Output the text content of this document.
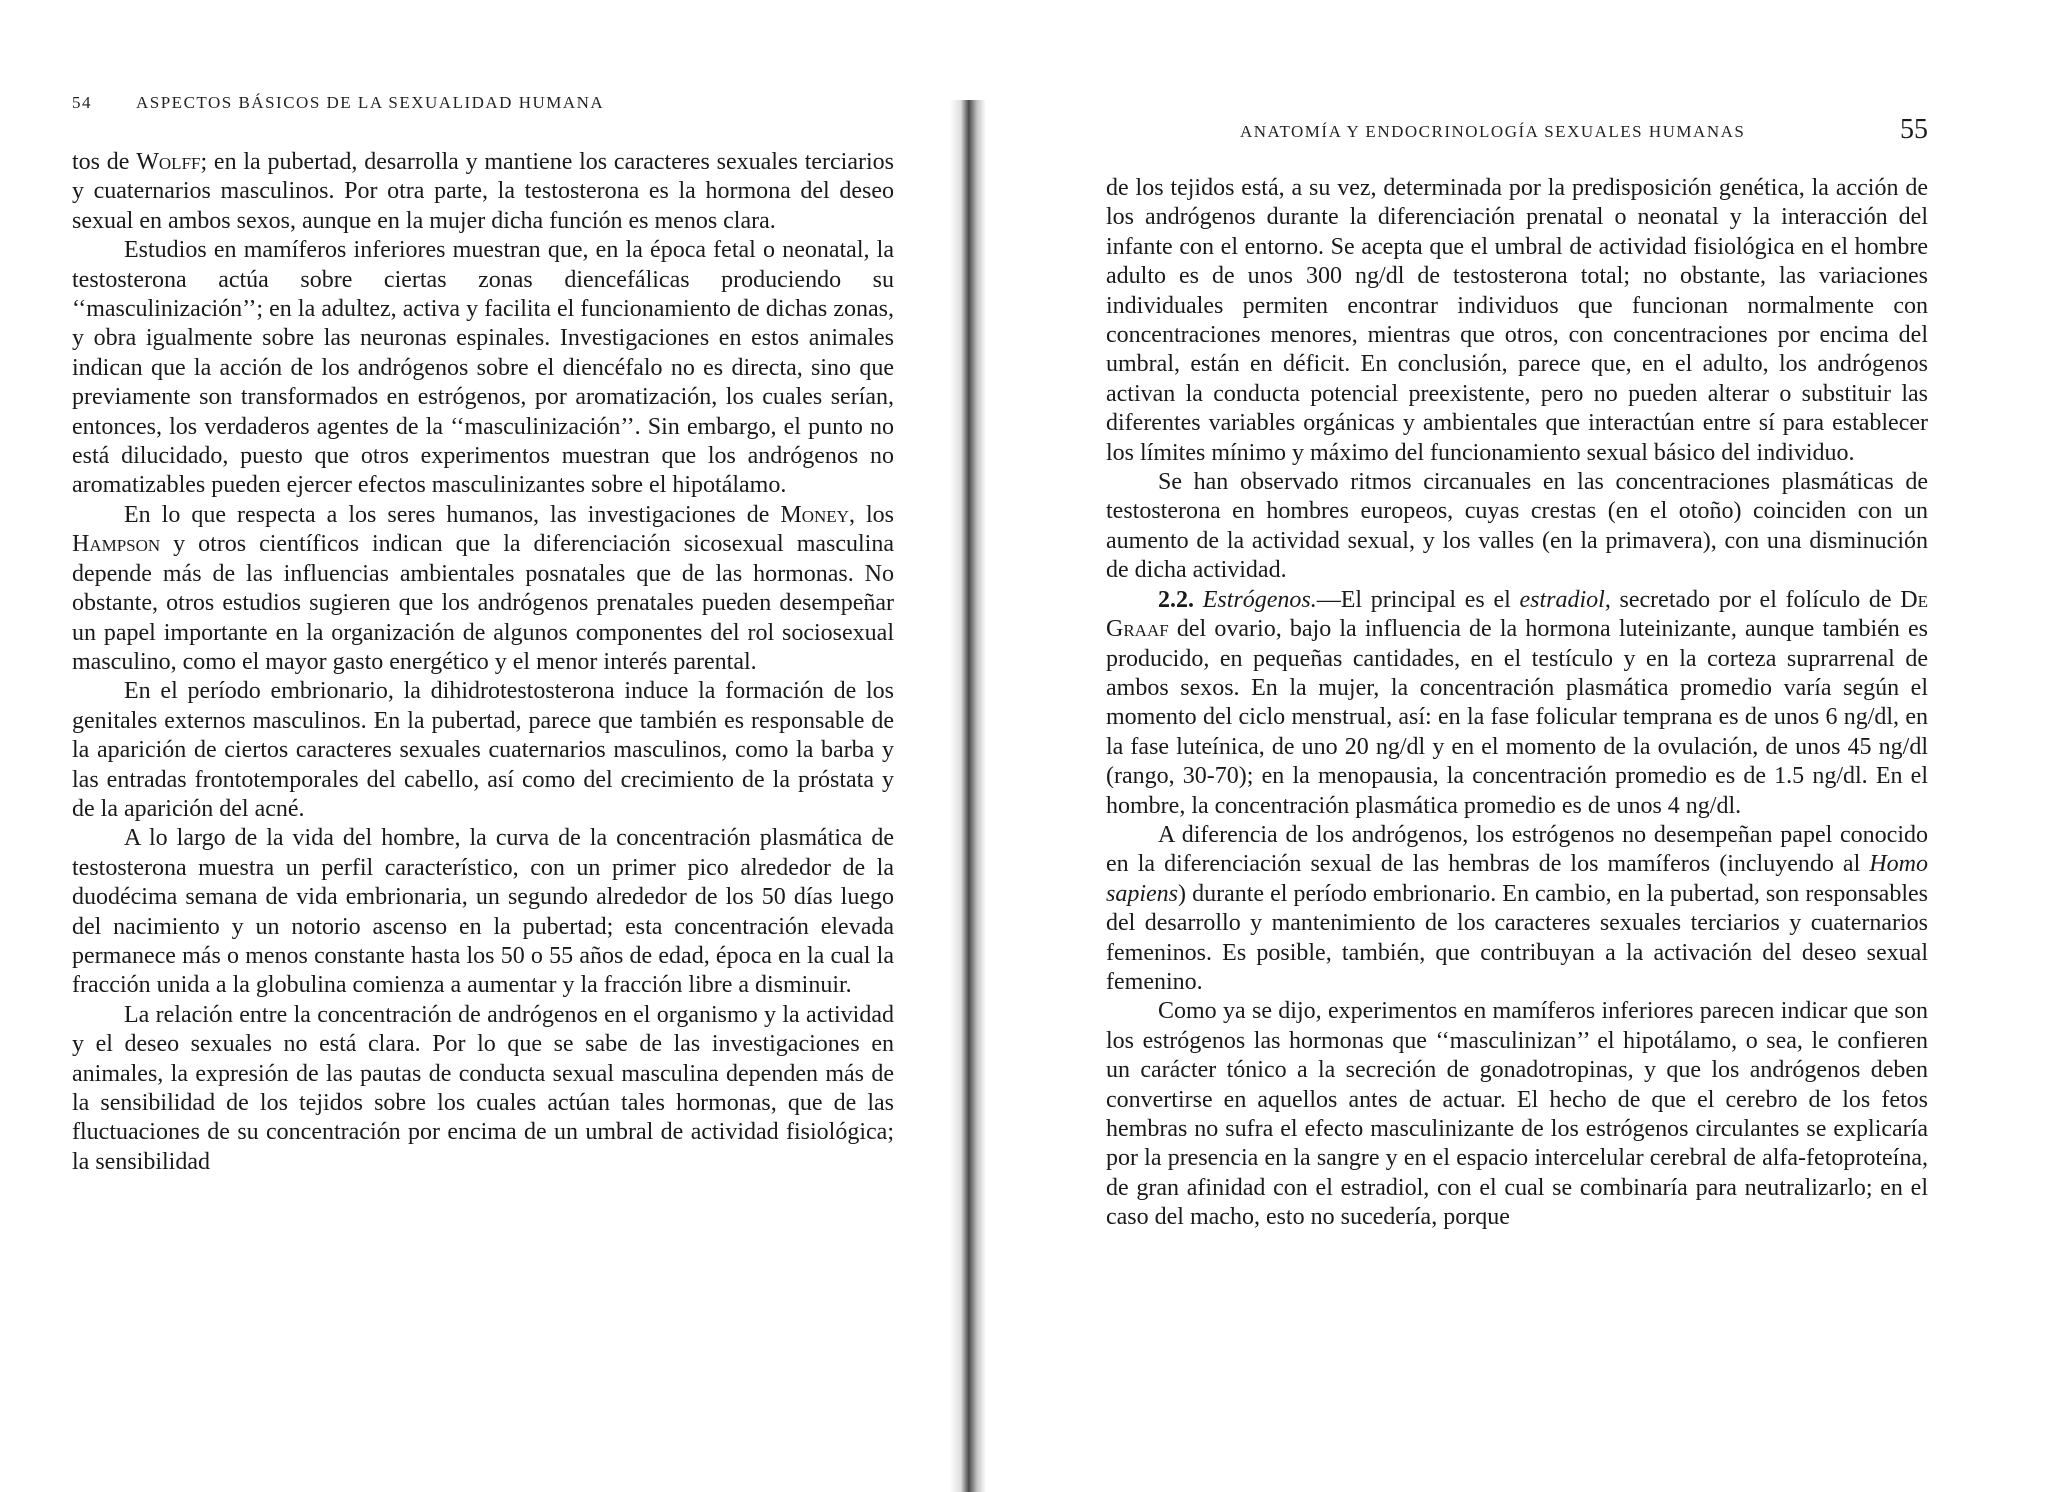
54	ASPECTOS BÁSICOS DE LA SEXUALIDAD HUMANA

tos de Wolff; en la pubertad, desarrolla y mantiene los caracteres sexuales terciarios y cuaternarios masculinos. Por otra parte, la testosterona es la hormona del deseo sexual en ambos sexos, aunque en la mujer dicha función es menos clara.

Estudios en mamíferos inferiores muestran que, en la época fetal o neonatal, la testosterona actúa sobre ciertas zonas diencefálicas produciendo su ‘‘masculinización’’; en la adultez, activa y facilita el funcionamiento de dichas zonas, y obra igualmente sobre las neuronas espinales. Investigaciones en estos animales indican que la acción de los andrógenos sobre el diencéfalo no es directa, sino que previamente son transformados en estrógenos, por aromatización, los cuales serían, entonces, los verdaderos agentes de la ‘‘masculinización’’. Sin embargo, el punto no está dilucidado, puesto que otros experimentos muestran que los andrógenos no aromatizables pueden ejercer efectos masculinizantes sobre el hipotálamo.

En lo que respecta a los seres humanos, las investigaciones de Money, los Hampson y otros científicos indican que la diferenciación sicosexual masculina depende más de las influencias ambientales posnatales que de las hormonas. No obstante, otros estudios sugieren que los andrógenos prenatales pueden desempeñar un papel importante en la organización de algunos componentes del rol sociosexual masculino, como el mayor gasto energético y el menor interés parental.

En el período embrionario, la dihidrotestosterona induce la formación de los genitales externos masculinos. En la pubertad, parece que también es responsable de la aparición de ciertos caracteres sexuales cuaternarios masculinos, como la barba y las entradas frontotemporales del cabello, así como del crecimiento de la próstata y de la aparición del acné.

A lo largo de la vida del hombre, la curva de la concentración plasmática de testosterona muestra un perfil característico, con un primer pico alrededor de la duodécima semana de vida embrionaria, un segundo alrededor de los 50 días luego del nacimiento y un notorio ascenso en la pubertad; esta concentración elevada permanece más o menos constante hasta los 50 o 55 años de edad, época en la cual la fracción unida a la globulina comienza a aumentar y la fracción libre a disminuir.

La relación entre la concentración de andrógenos en el organismo y la actividad y el deseo sexuales no está clara. Por lo que se sabe de las investigaciones en animales, la expresión de las pautas de conducta sexual masculina dependen más de la sensibilidad de los tejidos sobre los cuales actúan tales hormonas, que de las fluctuaciones de su concentración por encima de un umbral de actividad fisiológica; la sensibilidad

ANATOMÍA Y ENDOCRINOLOGÍA SEXUALES HUMANAS	55

de los tejidos está, a su vez, determinada por la predisposición genética, la acción de los andrógenos durante la diferenciación prenatal o neonatal y la interacción del infante con el entorno. Se acepta que el umbral de actividad fisiológica en el hombre adulto es de unos 300 ng/dl de testosterona total; no obstante, las variaciones individuales permiten encontrar individuos que funcionan normalmente con concentraciones menores, mientras que otros, con concentraciones por encima del umbral, están en déficit. En conclusión, parece que, en el adulto, los andrógenos activan la conducta potencial preexistente, pero no pueden alterar o substituir las diferentes variables orgánicas y ambientales que interactúan entre sí para establecer los límites mínimo y máximo del funcionamiento sexual básico del individuo.

Se han observado ritmos circanuales en las concentraciones plasmáticas de testosterona en hombres europeos, cuyas crestas (en el otoño) coinciden con un aumento de la actividad sexual, y los valles (en la primavera), con una disminución de dicha actividad.

2.2. Estrógenos.—El principal es el estradiol, secretado por el folículo de De Graaf del ovario, bajo la influencia de la hormona luteinizante, aunque también es producido, en pequeñas cantidades, en el testículo y en la corteza suprarrenal de ambos sexos. En la mujer, la concentración plasmática promedio varía según el momento del ciclo menstrual, así: en la fase folicular temprana es de unos 6 ng/dl, en la fase luteínica, de uno 20 ng/dl y en el momento de la ovulación, de unos 45 ng/dl (rango, 30-70); en la menopausia, la concentración promedio es de 1.5 ng/dl. En el hombre, la concentración plasmática promedio es de unos 4 ng/dl.

A diferencia de los andrógenos, los estrógenos no desempeñan papel conocido en la diferenciación sexual de las hembras de los mamíferos (incluyendo al Homo sapiens) durante el período embrionario. En cambio, en la pubertad, son responsables del desarrollo y mantenimiento de los caracteres sexuales terciarios y cuaternarios femeninos. Es posible, también, que contribuyan a la activación del deseo sexual femenino.

Como ya se dijo, experimentos en mamíferos inferiores parecen indicar que son los estrógenos las hormonas que ‘‘masculinizan’’ el hipotálamo, o sea, le confieren un carácter tónico a la secreción de gonadotropinas, y que los andrógenos deben convertirse en aquellos antes de actuar. El hecho de que el cerebro de los fetos hembras no sufra el efecto masculinizante de los estrógenos circulantes se explicaría por la presencia en la sangre y en el espacio intercelular cerebral de alfa-fetoproteína, de gran afinidad con el estradiol, con el cual se combinaría para neutralizarlo; en el caso del macho, esto no sucedería, porque
